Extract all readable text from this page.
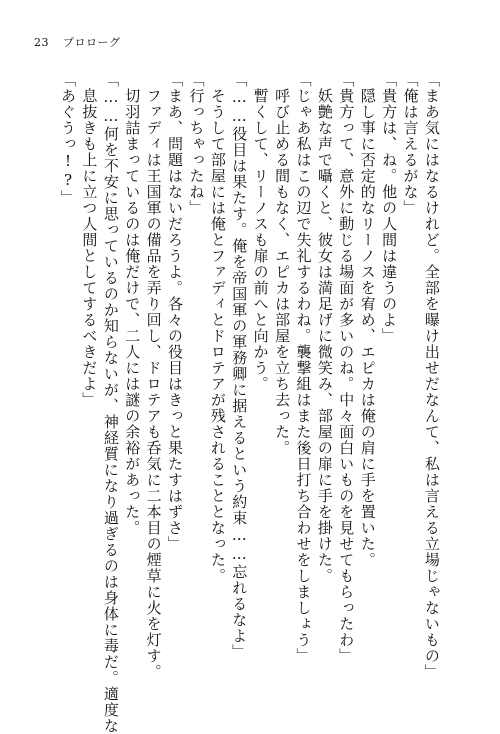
23 プロローグ
「まあ気にはなるけれど。全部を曝け出せだなんて、私は言える立場じゃないもの」
「俺は言えるがな」
「貴方は、ね。他の人間は違うのよ」
　隠し事に否定的なリーノスを宥め、エピカは俺の肩に手を置いた。
「貴方って、意外に動じる場面が多いのね。中々面白いものを見せてもらったわ」
　妖艶な声で囁くと、彼女は満足げに微笑み、部屋の扉に手を掛けた。
「じゃあ私はこの辺で失礼するわね。襲撃組はまた後日打ち合わせをしましょう」
　呼び止める間もなく、エピカは部屋を立ち去った。
　暫くして、リーノスも扉の前へと向かう。
「……役目は果たす。俺を帝国軍の軍務卿に据えるという約束……忘れるなよ」
　そうして部屋には俺とファディとドロテアが残されることとなった。
「行っちゃったね」
「まあ、問題はないだろうよ。各々の役目はきっと果たすはずさ」
　ファディは王国軍の備品を弄り回し、ドロテアも呑気に二本目の煙草に火を灯す。
　切羽詰まっているのは俺だけで、二人には謎の余裕があった。
「……何を不安に思っているのか知らないが、神経質になり過ぎるのは身体に毒だ。適度な
　息抜きも上に立つ人間としてするべきだよ」
「あぐうっ!?」
